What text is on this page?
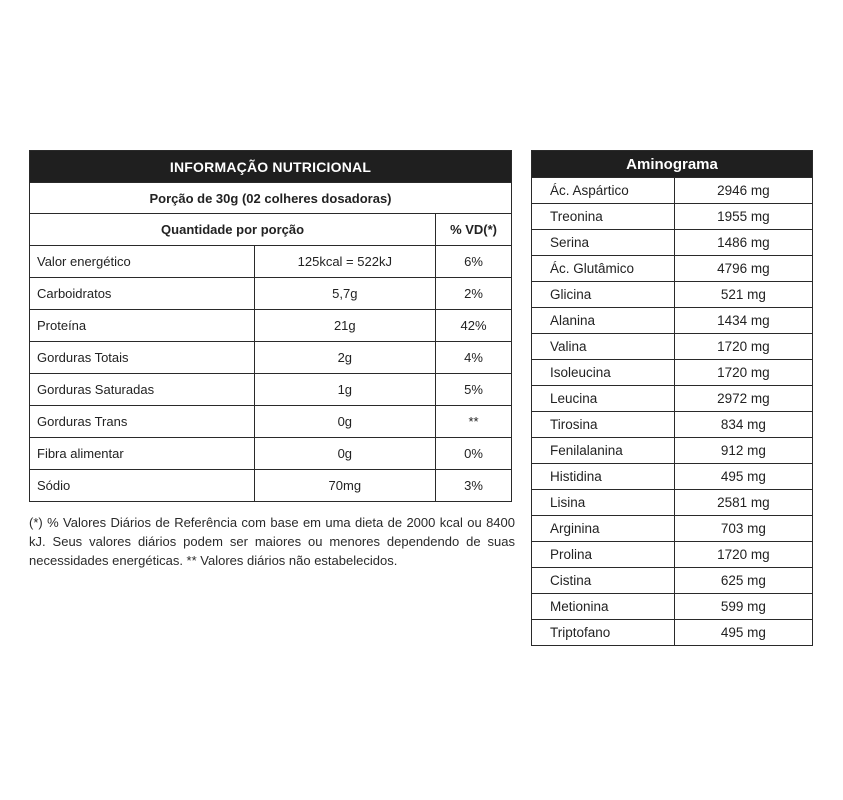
INFORMAÇÃO NUTRICIONAL		
Porção de 30g (02 colheres dosadoras)		
Quantidade por porção		% VD(*)
Valor energético	125kcal = 522kJ	6%
Carboidratos	5,7g	2%
Proteína	21g	42%
Gorduras Totais	2g	4%
Gorduras Saturadas	1g	5%
Gorduras Trans	0g	**
Fibra alimentar	0g	0%
Sódio	70mg	3%

(*) % Valores Diários de Referência com base em uma dieta de 2000 kcal ou 8400 kJ. Seus valores diários podem ser maiores ou menores dependendo de suas necessidades energéticas. ** Valores diários não estabelecidos.

Aminograma	
Ác. Aspártico	2946 mg
Treonina	1955 mg
Serina	1486 mg
Ác. Glutâmico	4796 mg
Glicina	521 mg
Alanina	1434 mg
Valina	1720 mg
Isoleucina	1720 mg
Leucina	2972 mg
Tirosina	834 mg
Fenilalanina	912 mg
Histidina	495 mg
Lisina	2581 mg
Arginina	703 mg
Prolina	1720 mg
Cistina	625 mg
Metionina	599 mg
Triptofano	495 mg
